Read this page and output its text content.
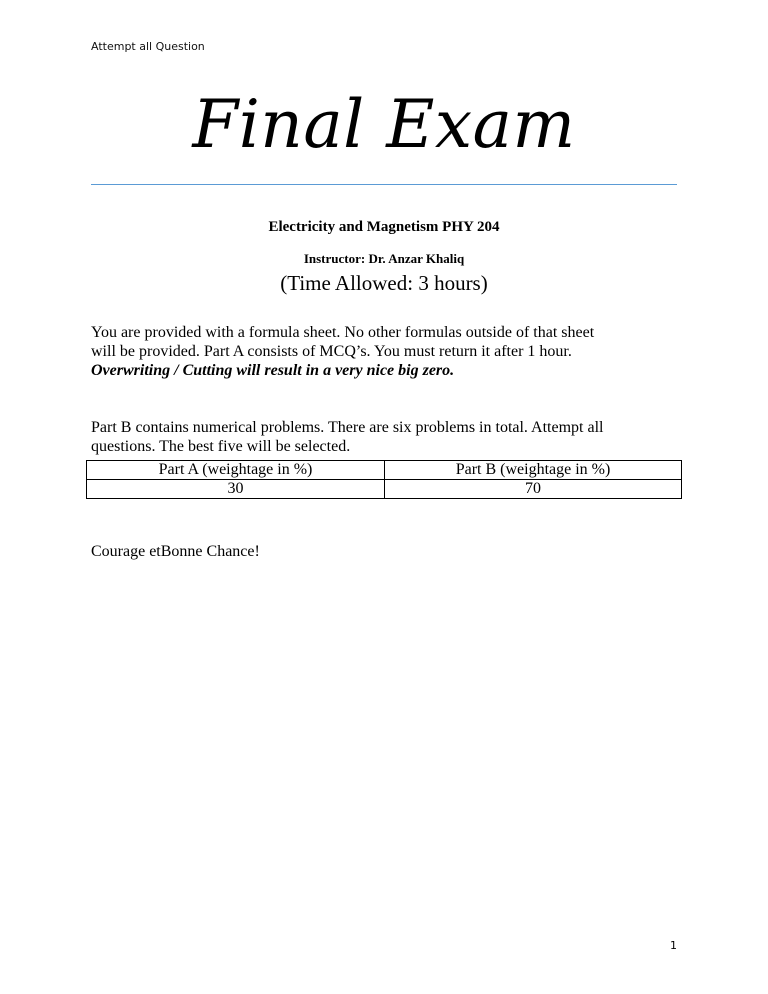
Attempt all Question
Final Exam
Electricity and Magnetism PHY 204
Instructor: Dr. Anzar Khaliq
(Time Allowed: 3 hours)
You are provided with a formula sheet. No other formulas outside of that sheet
will be provided. Part A consists of MCQ’s. You must return it after 1 hour.
Overwriting / Cutting will result in a very nice big zero.
Part B contains numerical problems. There are six problems in total. Attempt all
questions. The best five will be selected.
Part A (weightage in %)	Part B (weightage in %)
30	70
Courage etBonne Chance!
1
